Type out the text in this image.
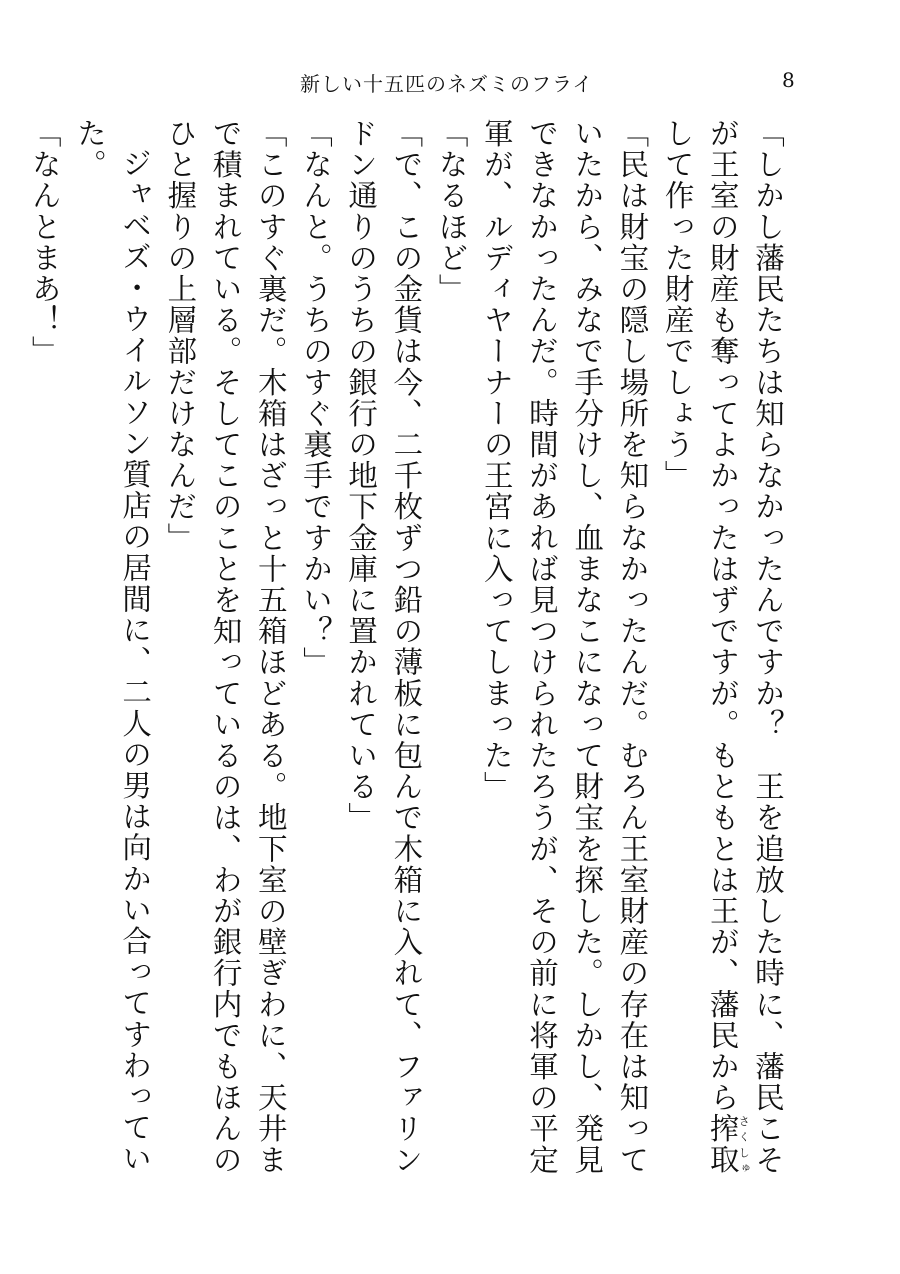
新しい十五匹のネズミのフライ	8

「しかし藩民たちは知らなかったんですか？　王を追放した時に、藩民こそが王室の財産も奪ってよかったはずですが。もともとは王が、藩民から搾取さくしゅして作った財産でしょう」

「民は財宝の隠し場所を知らなかったんだ。むろん王室財産の存在は知っていたから、みなで手分けし、血まなこになって財宝を探した。しかし、発見できなかったんだ。時間があれば見つけられたろうが、その前に将軍の平定軍が、ルディヤーナーの王宮に入ってしまった」

「なるほど」

「で、この金貨は今、二千枚ずつ鉛の薄板に包んで木箱に入れて、ファリンドン通りのうちの銀行の地下金庫に置かれている」

「なんと。うちのすぐ裏手ですかい？」

「このすぐ裏だ。木箱はざっと十五箱ほどある。地下室の壁ぎわに、天井まで積まれている。そしてこのことを知っているのは、わが銀行内でもほんのひと握りの上層部だけなんだ」

ジャベズ・ウイルソン質店の居間に、二人の男は向かい合ってすわっていた。

「なんとまあ！」
